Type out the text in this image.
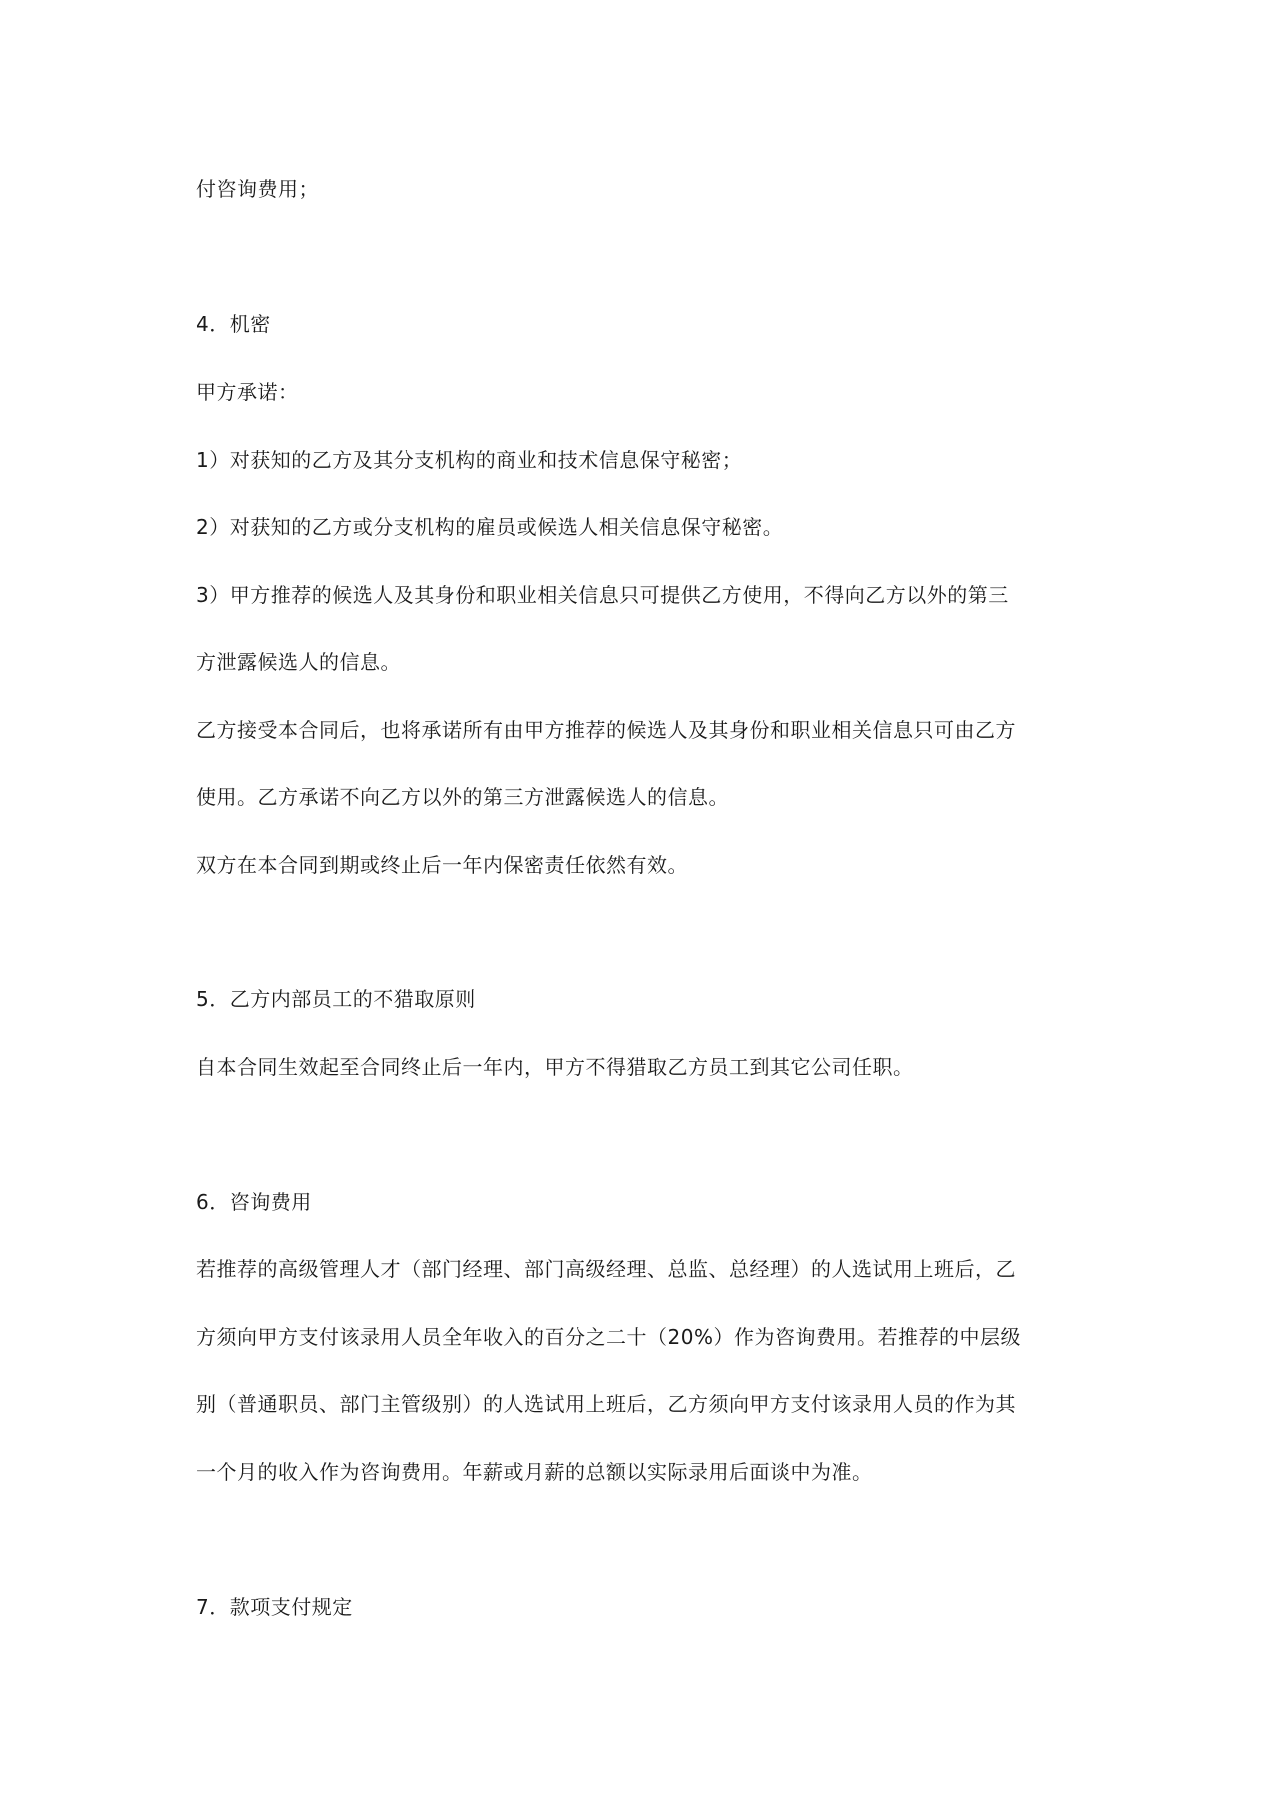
付咨询费用；
4．机密
甲方承诺：
1）对获知的乙方及其分支机构的商业和技术信息保守秘密；
2）对获知的乙方或分支机构的雇员或候选人相关信息保守秘密。
3）甲方推荐的候选人及其身份和职业相关信息只可提供乙方使用，不得向乙方以外的第三
方泄露候选人的信息。
乙方接受本合同后，也将承诺所有由甲方推荐的候选人及其身份和职业相关信息只可由乙方
使用。乙方承诺不向乙方以外的第三方泄露候选人的信息。
双方在本合同到期或终止后一年内保密责任依然有效。
5．乙方内部员工的不猎取原则
自本合同生效起至合同终止后一年内，甲方不得猎取乙方员工到其它公司任职。
6．咨询费用
若推荐的高级管理人才（部门经理、部门高级经理、总监、总经理）的人选试用上班后，乙
方须向甲方支付该录用人员全年收入的百分之二十（20%）作为咨询费用。若推荐的中层级
别（普通职员、部门主管级别）的人选试用上班后，乙方须向甲方支付该录用人员的作为其
一个月的收入作为咨询费用。年薪或月薪的总额以实际录用后面谈中为准。
7．款项支付规定
